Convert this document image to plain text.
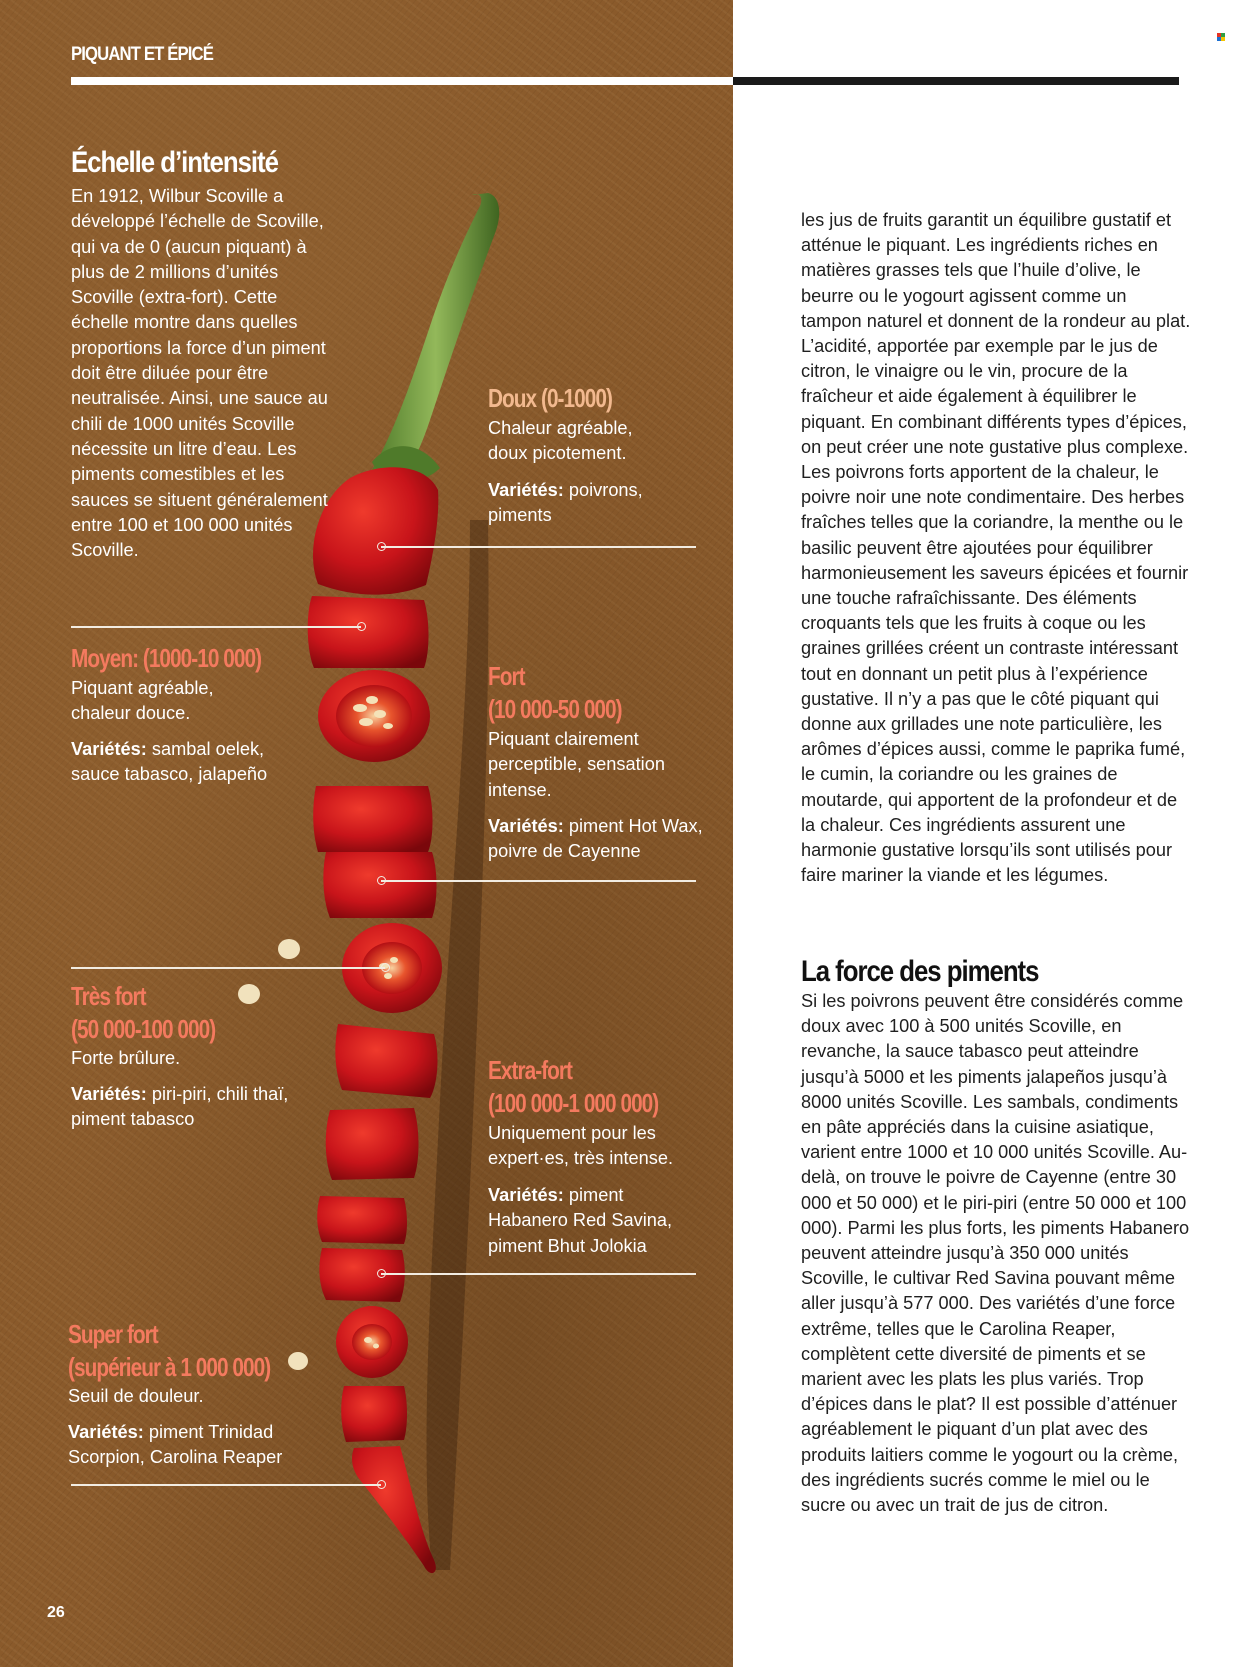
PIQUANT ET ÉPICÉ
Échelle d’intensité
En 1912, Wilbur Scoville a développé l’échelle de Scoville, qui va de 0 (aucun piquant) à plus de 2 millions d’unités Scoville (extra-fort). Cette échelle montre dans quelles proportions la force d’un piment doit être diluée pour être neutralisée. Ainsi, une sauce au chili de 1000 unités Scoville nécessite un litre d’eau. Les piments comestibles et les sauces se situent généralement entre 100 et 100 000 unités Scoville.
Doux (0-1000)
Chaleur agréable, doux picotement.
Variétés: poivrons, piments
Moyen: (1000-10 000)
Piquant agréable, chaleur douce.
Variétés: sambal oelek, sauce tabasco, jalapeño
Fort
(10 000-50 000)
Piquant clairement perceptible, sensation intense.
Variétés: piment Hot Wax, poivre de Cayenne
Très fort
(50 000-100 000)
Forte brûlure.
Variétés: piri-piri, chili thaï, piment tabasco
Extra-fort
(100 000-1 000 000)
Uniquement pour les expert·es, très intense.
Variétés: piment Habanero Red Savina, piment Bhut Jolokia
Super fort
(supérieur à 1 000 000)
Seuil de douleur.
Variétés: piment Trinidad Scorpion, Carolina Reaper
26
les jus de fruits garantit un équilibre gustatif et atténue le piquant. Les ingrédients riches en matières grasses tels que l’huile d’olive, le beurre ou le yogourt agissent comme un tampon naturel et donnent de la rondeur au plat. L’acidité, apportée par exemple par le jus de citron, le vinaigre ou le vin, procure de la fraîcheur et aide également à équilibrer le piquant. En combinant différents types d’épices, on peut créer une note gustative plus complexe. Les poivrons forts apportent de la chaleur, le poivre noir une note condimentaire. Des herbes fraîches telles que la coriandre, la menthe ou le basilic peuvent être ajoutées pour équilibrer harmonieusement les saveurs épicées et fournir une touche rafraîchissante. Des éléments croquants tels que les fruits à coque ou les graines grillées créent un contraste intéressant tout en donnant un petit plus à l’expérience gustative. Il n’y a pas que le côté piquant qui donne aux grillades une note particulière, les arômes d’épices aussi, comme le paprika fumé, le cumin, la coriandre ou les graines de moutarde, qui apportent de la profondeur et de la chaleur. Ces ingrédients assurent une harmonie gustative lorsqu’ils sont utilisés pour faire mariner la viande et les légumes.
La force des piments
Si les poivrons peuvent être considérés comme doux avec 100 à 500 unités Scoville, en revanche, la sauce tabasco peut atteindre jusqu’à 5000 et les piments jalapeños jusqu’à 8000 unités Scoville. Les sambals, condiments en pâte appréciés dans la cuisine asiatique, varient entre 1000 et 10 000 unités Scoville. Au-delà, on trouve le poivre de Cayenne (entre 30 000 et 50 000) et le piri-piri (entre 50 000 et 100 000). Parmi les plus forts, les piments Habanero peuvent atteindre jusqu’à 350 000 unités Scoville, le cultivar Red Savina pouvant même aller jusqu’à 577 000. Des variétés d’une force extrême, telles que le Carolina Reaper, complètent cette diversité de piments et se marient avec les plats les plus variés. Trop d’épices dans le plat? Il est possible d’atténuer agréablement le piquant d’un plat avec des produits laitiers comme le yogourt ou la crème, des ingrédients sucrés comme le miel ou le sucre ou avec un trait de jus de citron.
